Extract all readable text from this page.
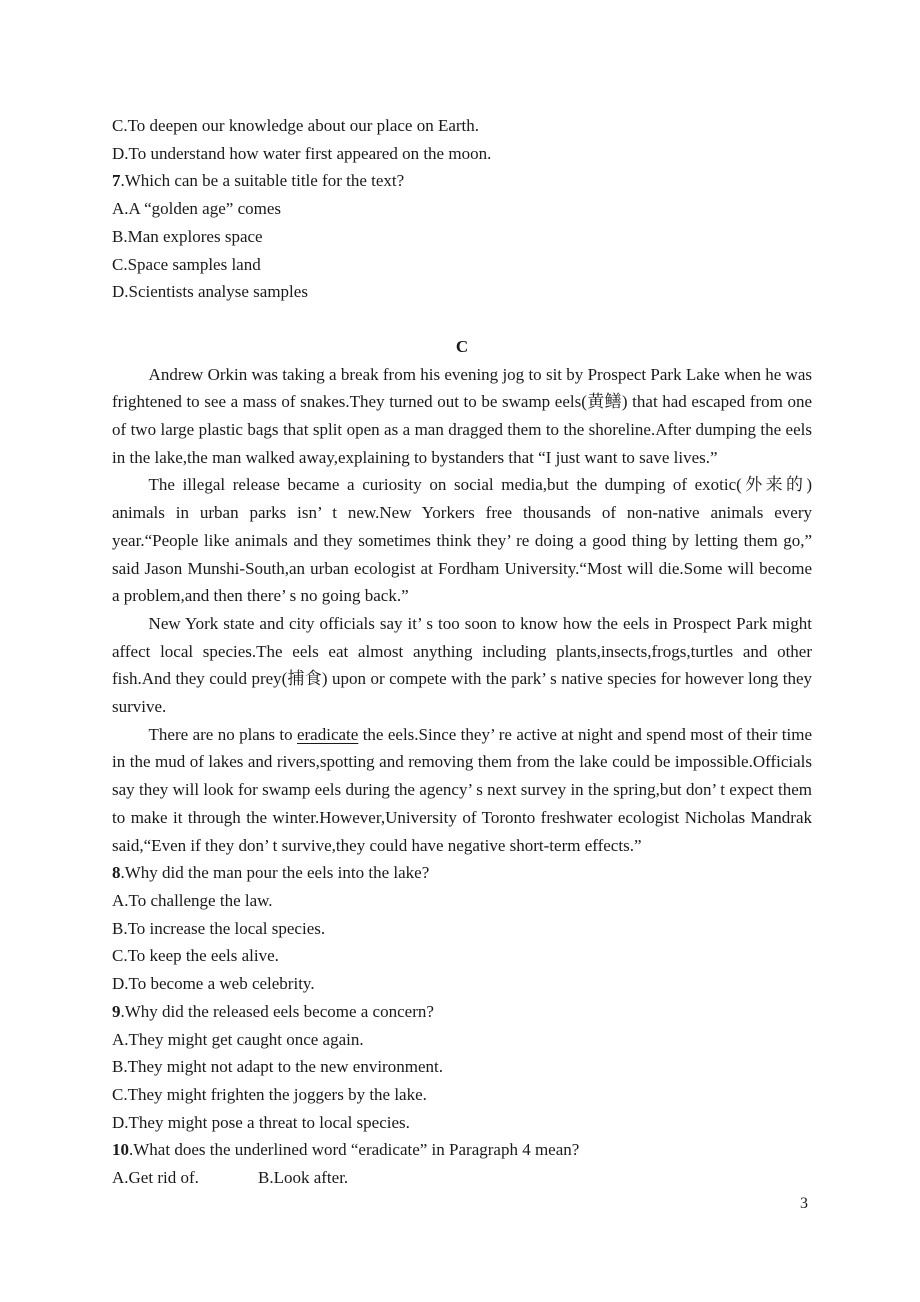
C.To deepen our knowledge about our place on Earth.
D.To understand how water first appeared on the moon.
7.Which can be a suitable title for the text?
A.A “golden age” comes
B.Man explores space
C.Space samples land
D.Scientists analyse samples
C
Andrew Orkin was taking a break from his evening jog to sit by Prospect Park Lake when he was frightened to see a mass of snakes.They turned out to be swamp eels(黄鳝) that had escaped from one of two large plastic bags that split open as a man dragged them to the shoreline.After dumping the eels in the lake,the man walked away,explaining to bystanders that “I just want to save lives.”
The illegal release became a curiosity on social media,but the dumping of exotic(外来的) animals in urban parks isn’ t new.New Yorkers free thousands of non-native animals every year.“People like animals and they sometimes think they’ re doing a good thing by letting them go,” said Jason Munshi-South,an urban ecologist at Fordham University.“Most will die.Some will become a problem,and then there’ s no going back.”
New York state and city officials say it’ s too soon to know how the eels in Prospect Park might affect local species.The eels eat almost anything including plants,insects,frogs,turtles and other fish.And they could prey(捕食) upon or compete with the park’ s native species for however long they survive.
There are no plans to eradicate the eels.Since they’ re active at night and spend most of their time in the mud of lakes and rivers,spotting and removing them from the lake could be impossible.Officials say they will look for swamp eels during the agency’ s next survey in the spring,but don’ t expect them to make it through the winter.However,University of Toronto freshwater ecologist Nicholas Mandrak said,“Even if they don’ t survive,they could have negative short-term effects.”
8.Why did the man pour the eels into the lake?
A.To challenge the law.
B.To increase the local species.
C.To keep the eels alive.
D.To become a web celebrity.
9.Why did the released eels become a concern?
A.They might get caught once again.
B.They might not adapt to the new environment.
C.They might frighten the joggers by the lake.
D.They might pose a threat to local species.
10.What does the underlined word “eradicate” in Paragraph 4 mean?
A.Get rid of.	B.Look after.
3
